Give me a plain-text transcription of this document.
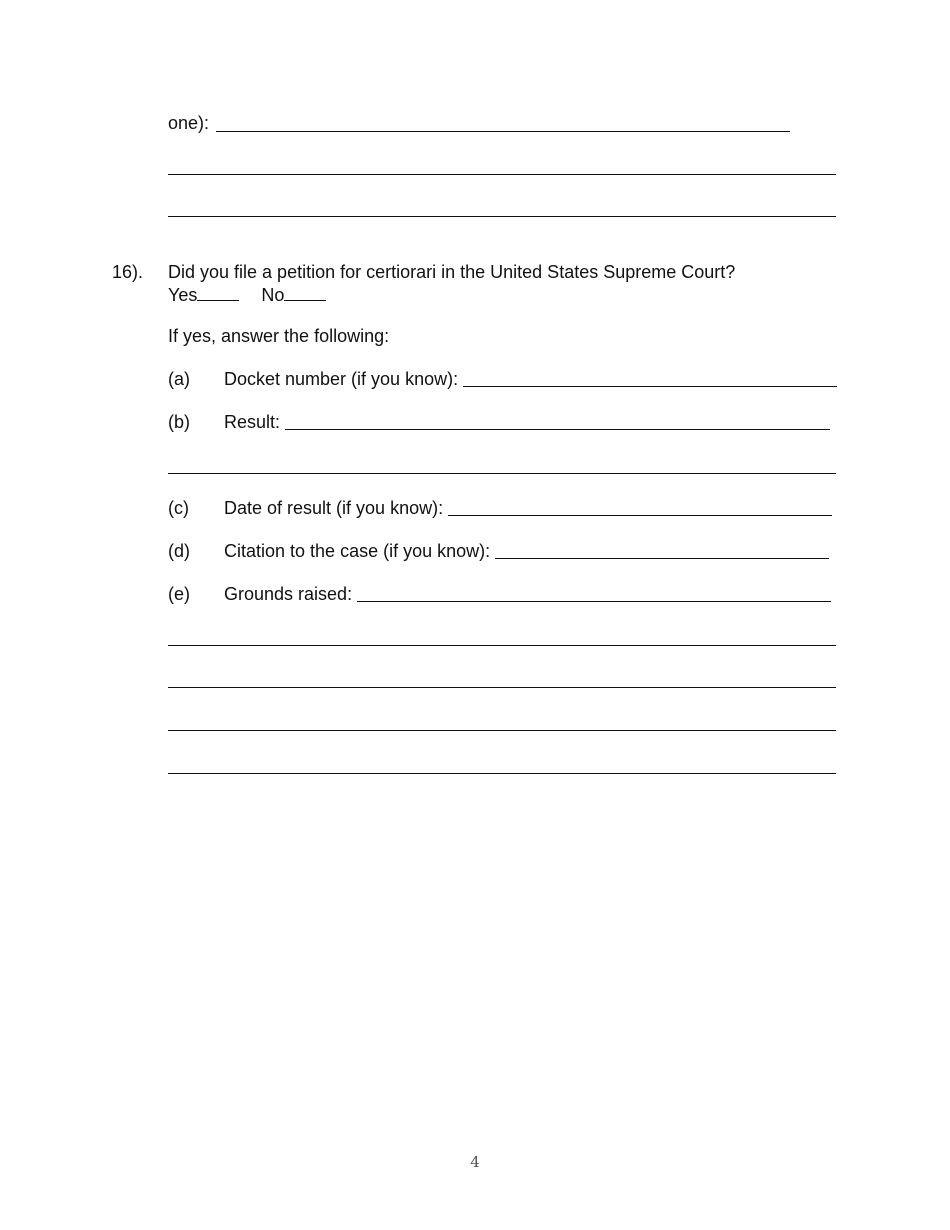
one):
16). Did you file a petition for certiorari in the United States Supreme Court?
Yes	No
If yes, answer the following:
(a)	Docket number (if you know):
(b)	Result:
(c)	Date of result (if you know):
(d)	Citation to the case (if you know):
(e)	Grounds raised:
4
